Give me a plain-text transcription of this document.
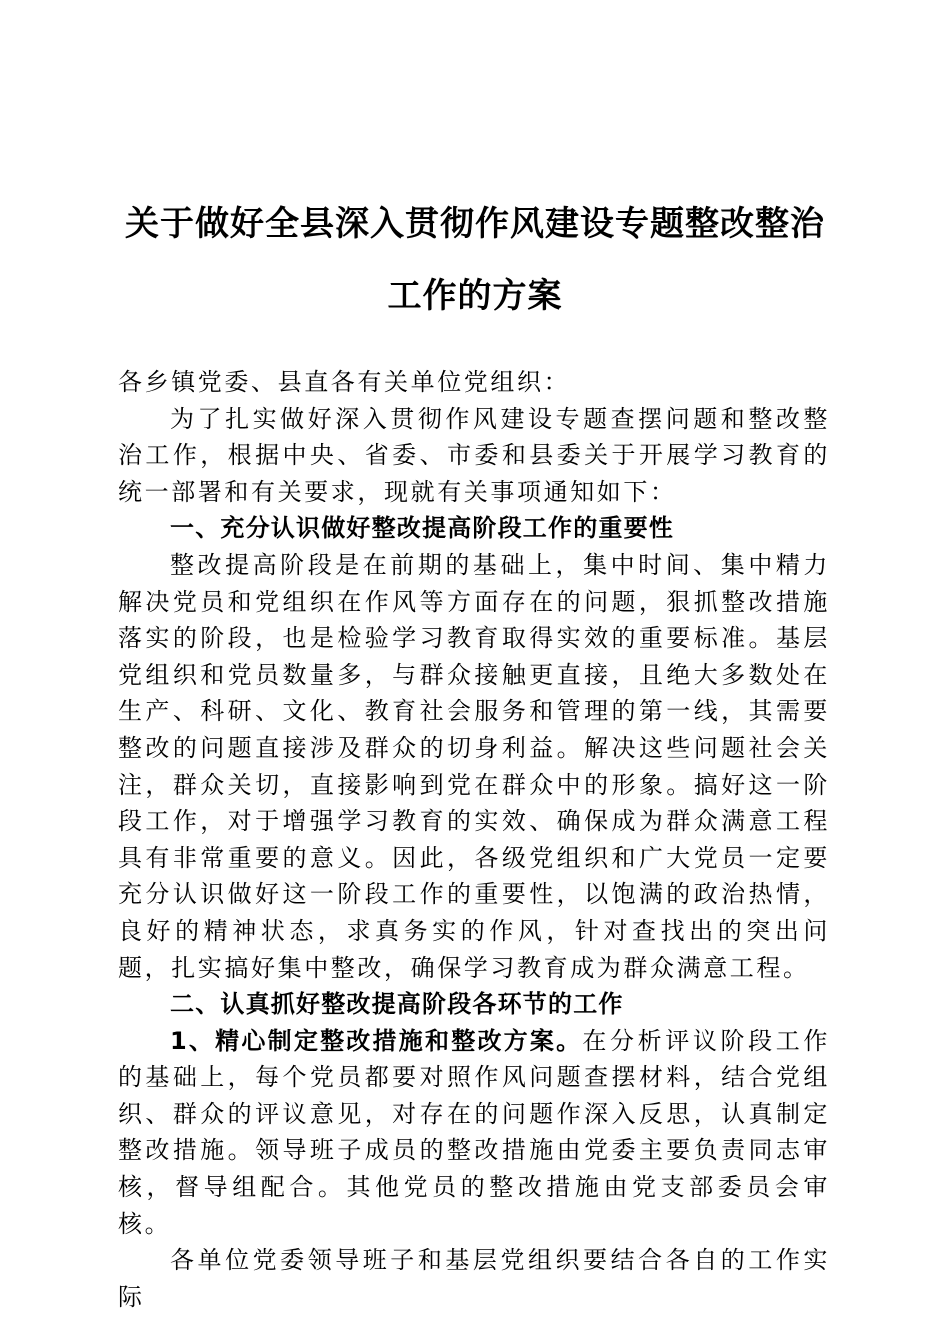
关于做好全县深入贯彻作风建设专题整改整治
工作的方案

各乡镇党委、县直各有关单位党组织：

为了扎实做好深入贯彻作风建设专题查摆问题和整改整治工作，根据中央、省委、市委和县委关于开展学习教育的统一部署和有关要求，现就有关事项通知如下：

一、充分认识做好整改提高阶段工作的重要性

整改提高阶段是在前期的基础上，集中时间、集中精力解决党员和党组织在作风等方面存在的问题，狠抓整改措施落实的阶段，也是检验学习教育取得实效的重要标准。基层党组织和党员数量多，与群众接触更直接，且绝大多数处在生产、科研、文化、教育社会服务和管理的第一线，其需要整改的问题直接涉及群众的切身利益。解决这些问题社会关注，群众关切，直接影响到党在群众中的形象。搞好这一阶段工作，对于增强学习教育的实效、确保成为群众满意工程具有非常重要的意义。因此，各级党组织和广大党员一定要充分认识做好这一阶段工作的重要性，以饱满的政治热情，良好的精神状态，求真务实的作风，针对查找出的突出问题，扎实搞好集中整改，确保学习教育成为群众满意工程。

二、认真抓好整改提高阶段各环节的工作

1、精心制定整改措施和整改方案。在分析评议阶段工作的基础上，每个党员都要对照作风问题查摆材料，结合党组织、群众的评议意见，对存在的问题作深入反思，认真制定整改措施。领导班子成员的整改措施由党委主要负责同志审核，督导组配合。其他党员的整改措施由党支部委员会审核。

各单位党委领导班子和基层党组织要结合各自的工作实际
